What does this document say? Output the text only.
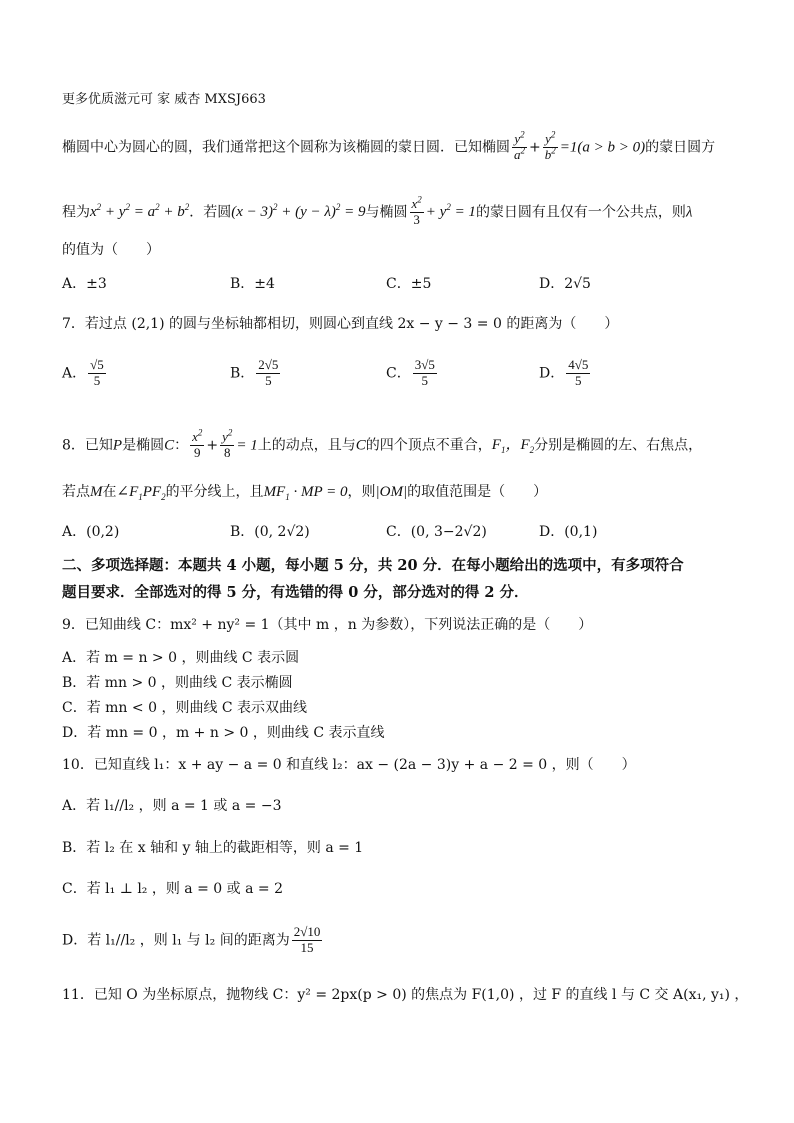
更多优质滋元可 家 威杏 MXSJ663
椭圆中心为圆心的圆，我们通常把这个圆称为该椭圆的蒙日圆．已知椭圆 $\frac{y^2}{a^2} + \frac{y^2}{b^2} =1(a > b > 0)$的蒙日圆方
程为$x^2 + y^2 = a^2 + b^2$．若圆$(x - 3)^2 + (y - \lambda)^2 = 9$与椭圆 $\frac{x^2}{3} + y^2 = 1$的蒙日圆有且仅有一个公共点，则λ
的值为（　　）
A．±3	B．±4	C．±5	D．2√5
7．若过点 (2,1) 的圆与坐标轴都相切，则圆心到直线 2x − y − 3 = 0 的距离为（　　）
A． $\frac{√5}{5}$	B． $\frac{2√5}{5}$	C． $\frac{3√5}{5}$	D． $\frac{4√5}{5}$
8．已知P是椭圆C： $\frac{x^2}{9} + \frac{y^2}{8} = 1$上的动点，且与C的四个顶点不重合，$F_1$，$F_2$分别是椭圆的左、右焦点，
若点M在$\angle F_1PF_2$的平分线上，且$MF_1$ · MP = 0，则|OM|的取值范围是（　　）
A．(0,2)	B．(0, 2√2)	C．(0, 3−2√2)	D．(0,1)
二、多项选择题：本题共 4 小题，每小题 5 分，共 20 分．在每小题给出的选项中，有多项符合
题目要求．全部选对的得 5 分，有选错的得 0 分，部分选对的得 2 分．
9．已知曲线 C：mx² + ny² = 1（其中 m ，n 为参数），下列说法正确的是（　　）
A．若 m = n > 0 ，则曲线 C 表示圆
B．若 mn > 0 ，则曲线 C 表示椭圆
C．若 mn < 0 ，则曲线 C 表示双曲线
D．若 mn = 0 ，m + n > 0 ，则曲线 C 表示直线
10．已知直线 l₁：x + ay − a = 0 和直线 l₂：ax − (2a − 3)y + a − 2 = 0 ，则（　　）
A．若 l₁//l₂ ，则 a = 1 或 a = −3
B．若 l₂ 在 x 轴和 y 轴上的截距相等，则 a = 1
C．若 l₁ ⊥ l₂ ，则 a = 0 或 a = 2
D．若 l₁//l₂ ，则 l₁ 与 l₂ 间的距离为 $\frac{2√10}{15}$
11．已知 O 为坐标原点，抛物线 C：y² = 2px(p > 0) 的焦点为 F(1,0) ，过 F 的直线 l 与 C 交 A(x₁, y₁) ，
